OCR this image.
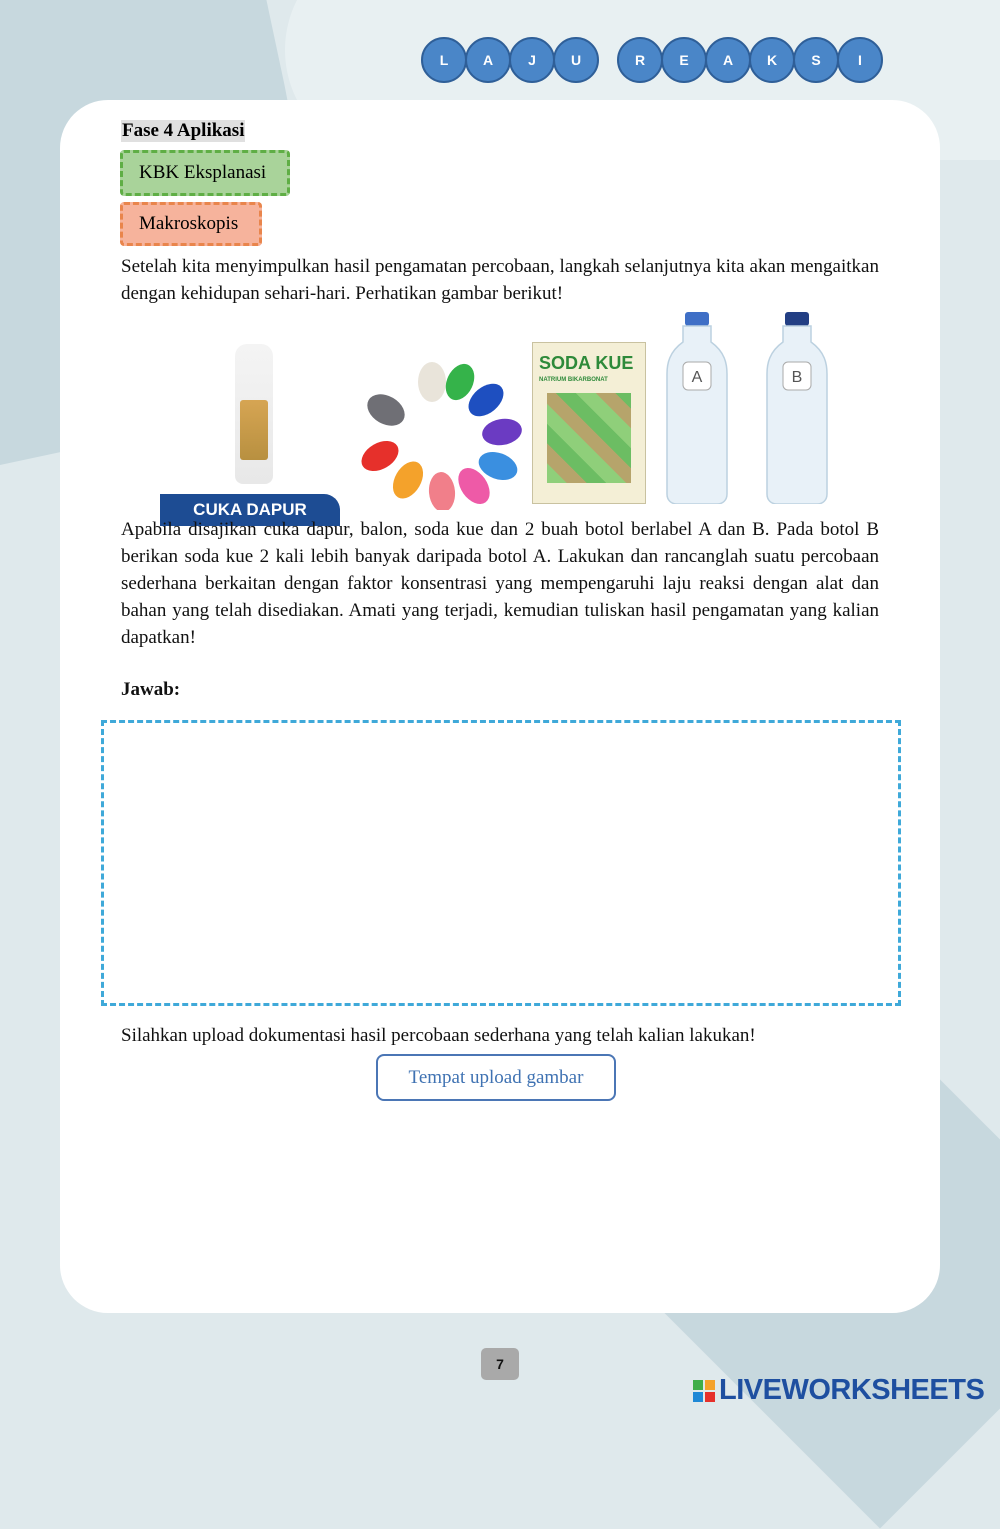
L	A	J	U	R	E	A	K	S	I
Fase 4 Aplikasi
KBK Eksplanasi
Makroskopis

Setelah kita menyimpulkan hasil pengamatan percobaan, langkah selanjutnya kita akan mengaitkan dengan kehidupan sehari-hari. Perhatikan gambar berikut!

CUKA DAPUR
SODA KUE
NATRIUM BIKARBONAT	A	B

Apabila disajikan cuka dapur, balon, soda kue dan 2 buah botol berlabel A dan B. Pada botol B berikan soda kue 2 kali lebih banyak daripada botol A. Lakukan dan rancanglah suatu percobaan sederhana berkaitan dengan faktor konsentrasi yang mempengaruhi laju reaksi dengan alat dan bahan yang telah disediakan. Amati yang terjadi, kemudian tuliskan hasil pengamatan yang kalian dapatkan!

Jawab:
Silahkan upload dokumentasi hasil percobaan sederhana yang telah kalian lakukan!
Tempat upload gambar
7
LIVEWORKSHEETS
